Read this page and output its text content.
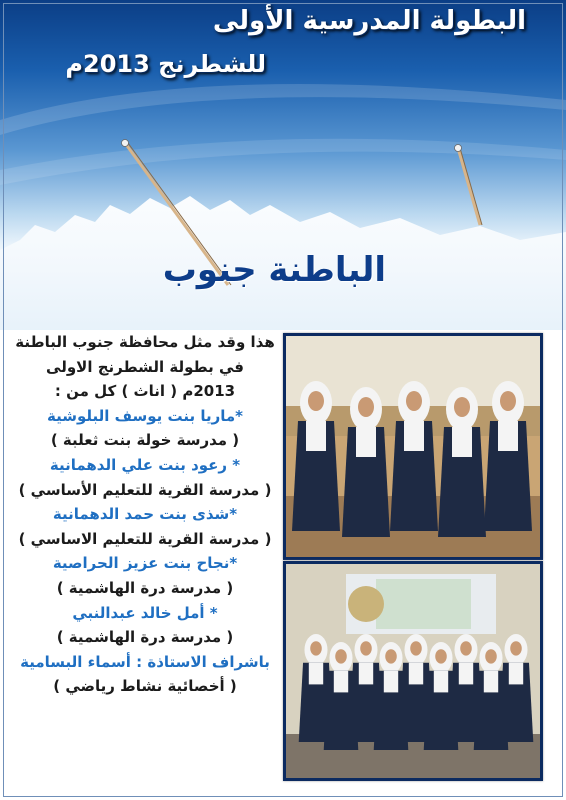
البطولة المدرسية الأولى
للشطرنج 2013م
الباطنة جنوب
هذا وقد مثل محافظة جنوب الباطنة
في بطولة الشطرنج الاولى
2013م ( اناث ) كل من :
*ماريا بنت يوسف البلوشية
( مدرسة خولة بنت ثعلبة )
* رعود بنت علي الدهمانية
( مدرسة القرية للتعليم الأساسي )
*شذى بنت حمد الدهمانية
( مدرسة القرية للتعليم الاساسي )
*نجاح بنت عزيز الحراصية
( مدرسة درة الهاشمية )
* أمل خالد عبدالنبي
( مدرسة درة الهاشمية )
باشراف الاستاذة : أسماء البسامية
( أخصائية نشاط رياضي )
